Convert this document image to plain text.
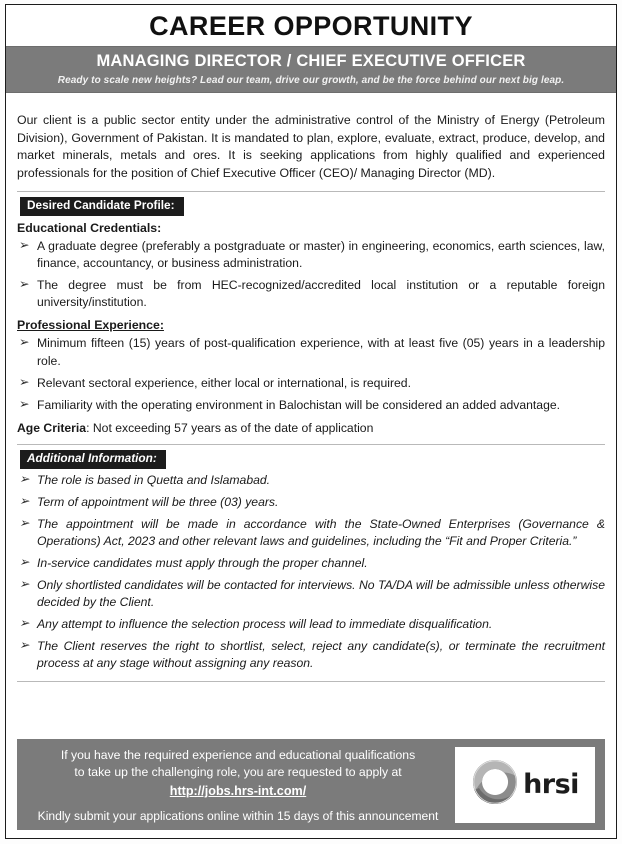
CAREER OPPORTUNITY
MANAGING DIRECTOR / CHIEF EXECUTIVE OFFICER
Ready to scale new heights? Lead our team, drive our growth, and be the force behind our next big leap.

Our client is a public sector entity under the administrative control of the Ministry of Energy (Petroleum Division), Government of Pakistan. It is mandated to plan, explore, evaluate, extract, produce, develop, and market minerals, metals and ores. It is seeking applications from highly qualified and experienced professionals for the position of Chief Executive Officer (CEO)/ Managing Director (MD).

Desired Candidate Profile:
Educational Credentials:
➢ A graduate degree (preferably a postgraduate or master) in engineering, economics, earth sciences, law, finance, accountancy, or business administration.
➢ The degree must be from HEC-recognized/accredited local institution or a reputable foreign university/institution.
Professional Experience:
➢ Minimum fifteen (15) years of post-qualification experience, with at least five (05) years in a leadership role.
➢ Relevant sectoral experience, either local or international, is required.
➢ Familiarity with the operating environment in Balochistan will be considered an added advantage.
Age Criteria: Not exceeding 57 years as of the date of application
Additional Information:
➢ The role is based in Quetta and Islamabad.
➢ Term of appointment will be three (03) years.
➢ The appointment will be made in accordance with the State-Owned Enterprises (Governance & Operations) Act, 2023 and other relevant laws and guidelines, including the “Fit and Proper Criteria.”
➢ In-service candidates must apply through the proper channel.
➢ Only shortlisted candidates will be contacted for interviews. No TA/DA will be admissible unless otherwise decided by the Client.
➢ Any attempt to influence the selection process will lead to immediate disqualification.
➢ The Client reserves the right to shortlist, select, reject any candidate(s), or terminate the recruitment process at any stage without assigning any reason.
If you have the required experience and educational qualifications
to take up the challenging role, you are requested to apply at
http://jobs.hrs-int.com/
Kindly submit your applications online within 15 days of this announcement
hrsi
